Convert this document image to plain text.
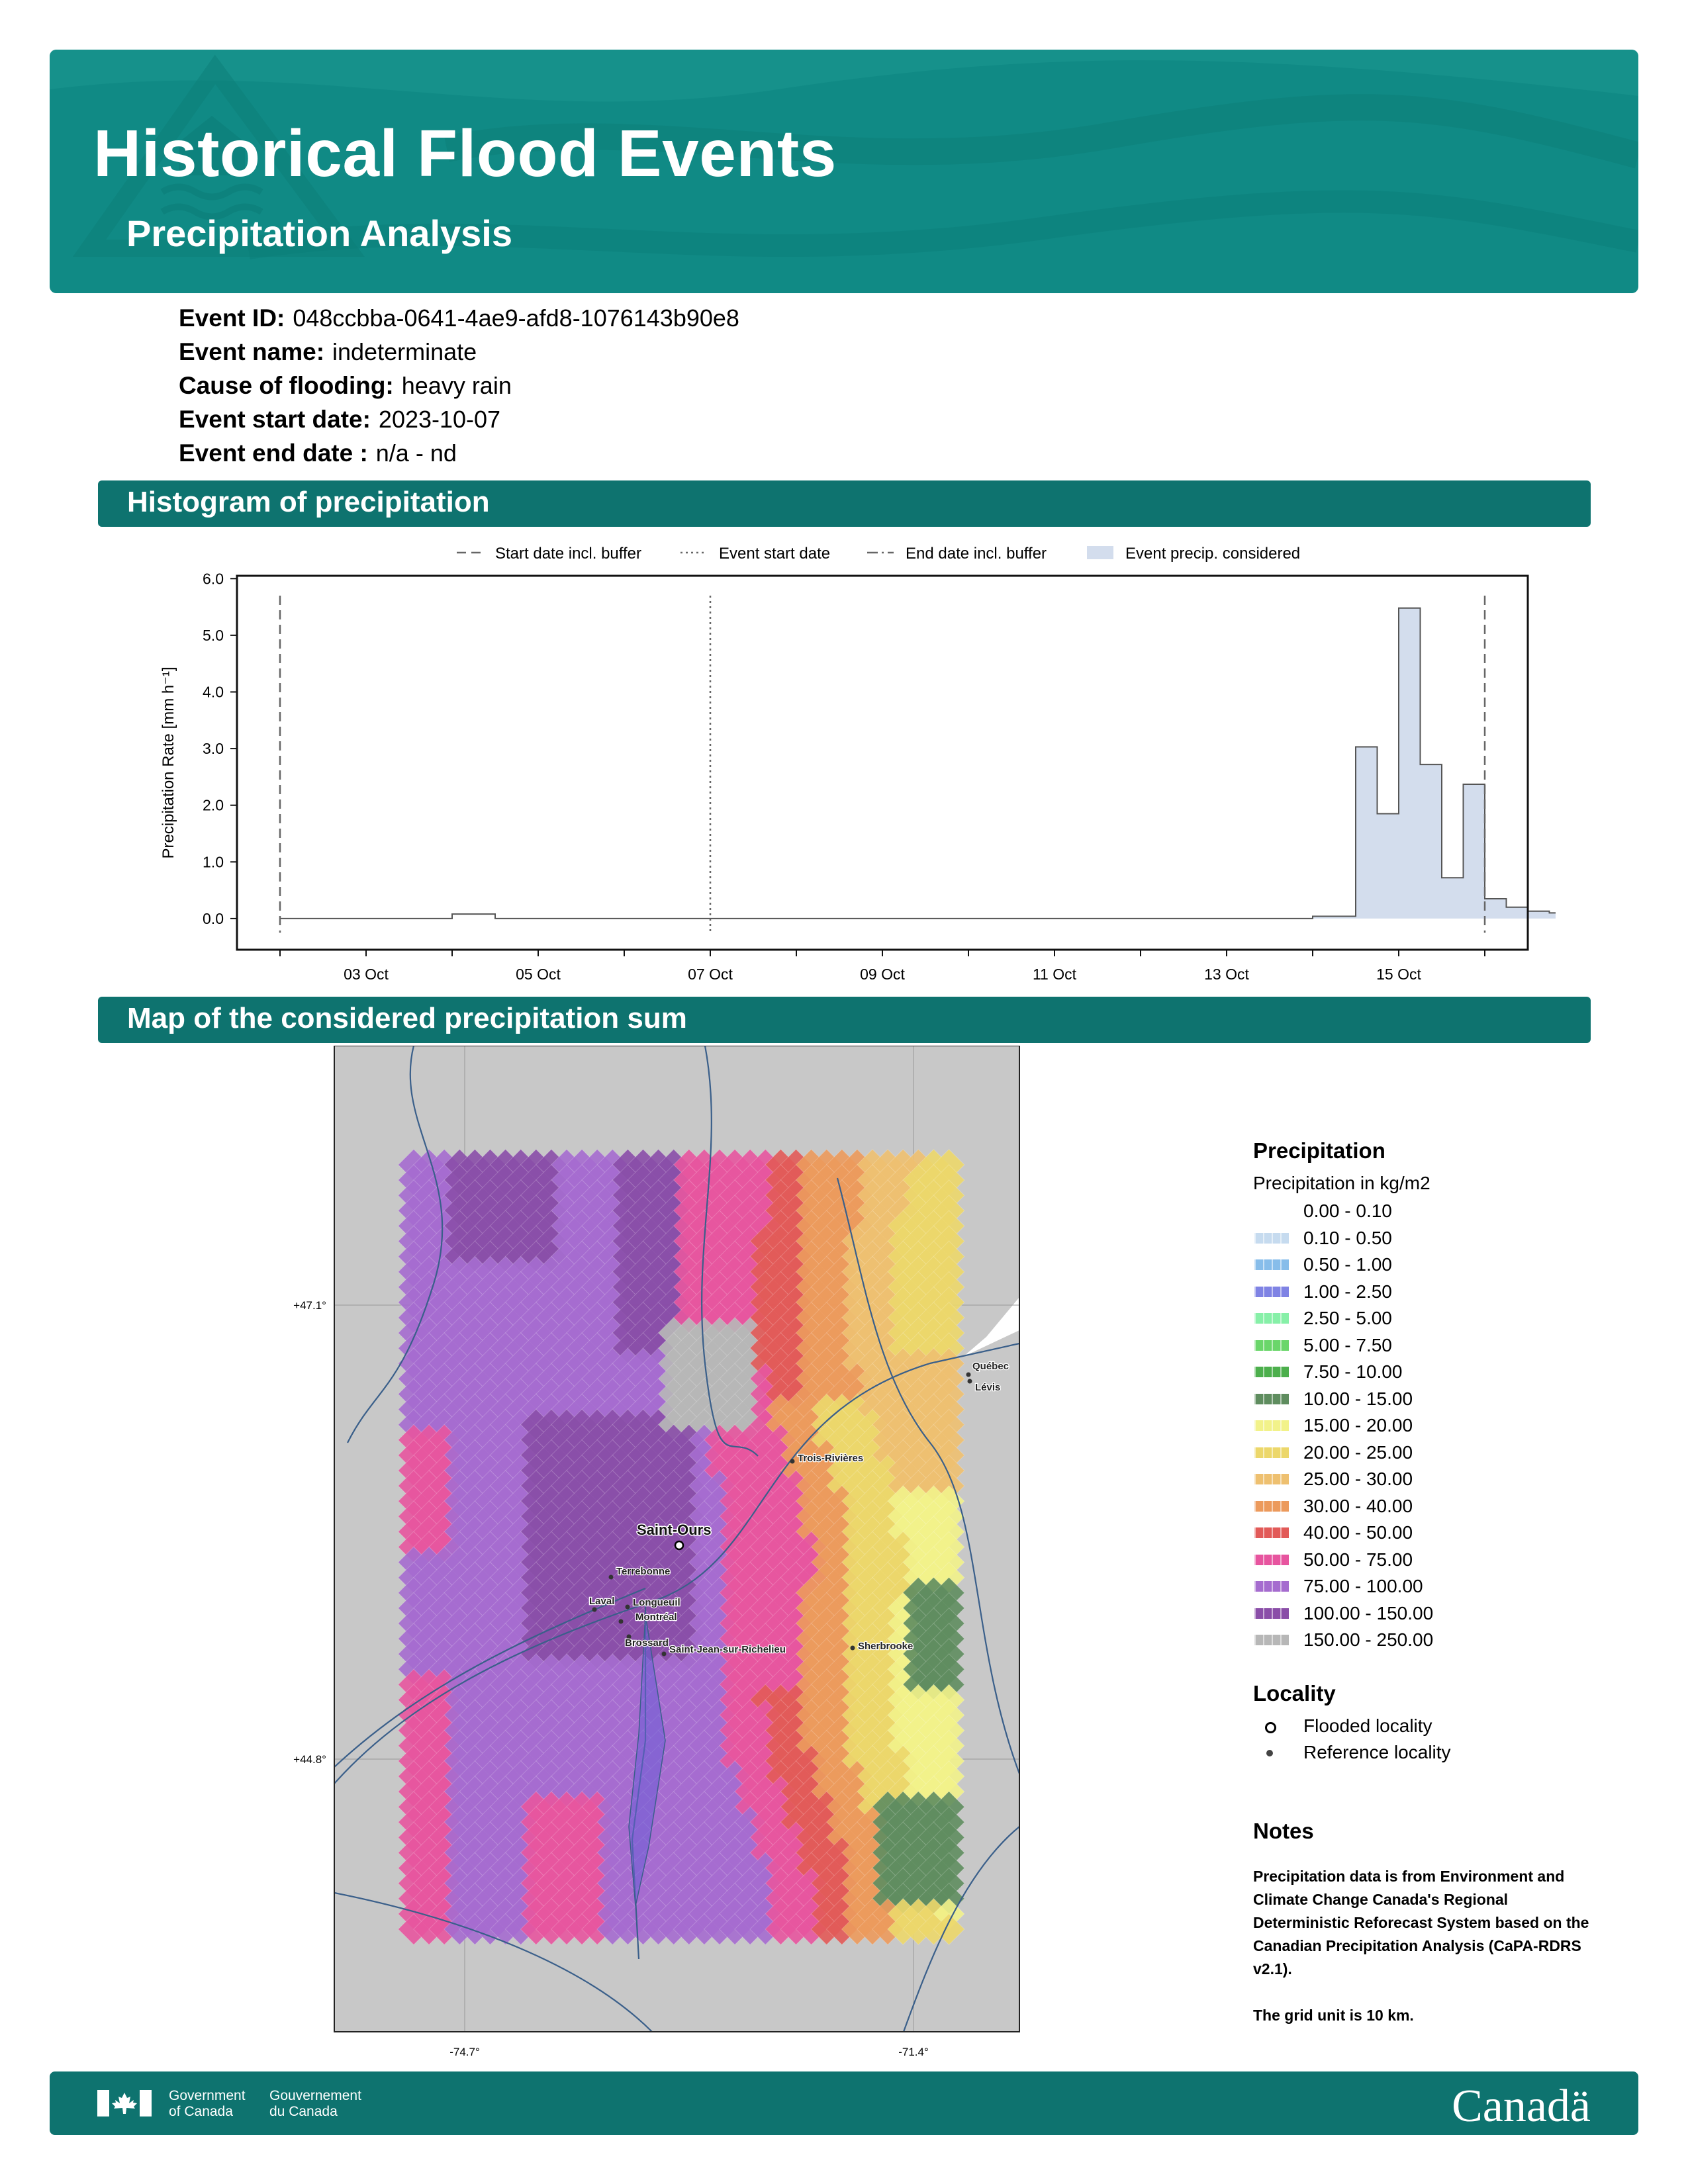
Historical Flood Events
Precipitation Analysis
Event ID: 048ccbba-0641-4ae9-afd8-1076143b90e8
Event name: indeterminate
Cause of flooding: heavy rain
Event start date: 2023-10-07
Event end date : n/a - nd
Histogram of precipitation
Start date incl. buffer	Event start date	End date incl. buffer	Event precip. considered
0.0
1.0
2.0
3.0
4.0
5.0
6.0
03 Oct	05 Oct	07 Oct	09 Oct	11 Oct	13 Oct	15 Oct
Precipitation Rate [mm h⁻¹]
Map of the considered precipitation sum
Saint-Ours
Trois-Rivières
Québec
Lévis
Terrebonne
Laval Longueuil
Montréal
Brossard
Saint-Jean-sur-Richelieu	Sherbrooke
+47.1°
+44.8°
-74.7°	-71.4°
Precipitation
Precipitation in kg/m2
0.00 - 0.10
0.10 - 0.50
0.50 - 1.00
1.00 - 2.50
2.50 - 5.00
5.00 - 7.50
7.50 - 10.00
10.00 - 15.00
15.00 - 20.00
20.00 - 25.00
25.00 - 30.00
30.00 - 40.00
40.00 - 50.00
50.00 - 75.00
75.00 - 100.00
100.00 - 150.00
150.00 - 250.00
Locality
Flooded locality
Reference locality
Notes
Precipitation data is from Environment and Climate Change Canada's Regional Deterministic Reforecast System based on the Canadian Precipitation Analysis (CaPA-RDRS v2.1).
The grid unit is 10 km.
Government
of Canada
Gouvernement
du Canada	Canadä
